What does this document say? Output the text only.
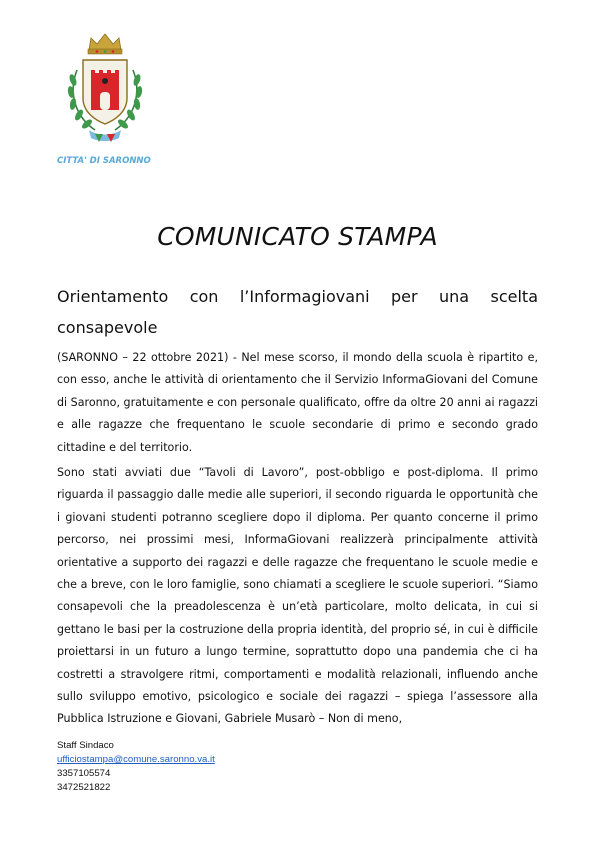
CITTA' DI SARONNO
COMUNICATO STAMPA
Orientamento con l’Informagiovani per una scelta consapevole

(SARONNO – 22 ottobre 2021) - Nel mese scorso, il mondo della scuola è ripartito e, con esso, anche le attività di orientamento che il Servizio InformaGiovani del Comune di Saronno, gratuitamente e con personale qualificato, offre da oltre 20 anni ai ragazzi e alle ragazze che frequentano le scuole secondarie di primo e secondo grado cittadine e del territorio.

Sono stati avviati due “Tavoli di Lavoro”, post-obbligo e post-diploma. Il primo riguarda il passaggio dalle medie alle superiori, il secondo riguarda le opportunità che i giovani studenti potranno scegliere dopo il diploma. Per quanto concerne il primo percorso, nei prossimi mesi, InformaGiovani realizzerà principalmente attività orientative a supporto dei ragazzi e delle ragazze che frequentano le scuole medie e che a breve, con le loro famiglie, sono chiamati a scegliere le scuole superiori. “Siamo consapevoli che la preadolescenza è un’età particolare, molto delicata, in cui si gettano le basi per la costruzione della propria identità, del proprio sé, in cui è difficile proiettarsi in un futuro a lungo termine, soprattutto dopo una pandemia che ci ha costretti a stravolgere ritmi, comportamenti e modalità relazionali, influendo anche sullo sviluppo emotivo, psicologico e sociale dei ragazzi – spiega l’assessore alla Pubblica Istruzione e Giovani, Gabriele Musarò – Non di meno,

Staff Sindaco
ufficiostampa@comune.saronno.va.it
3357105574
3472521822
